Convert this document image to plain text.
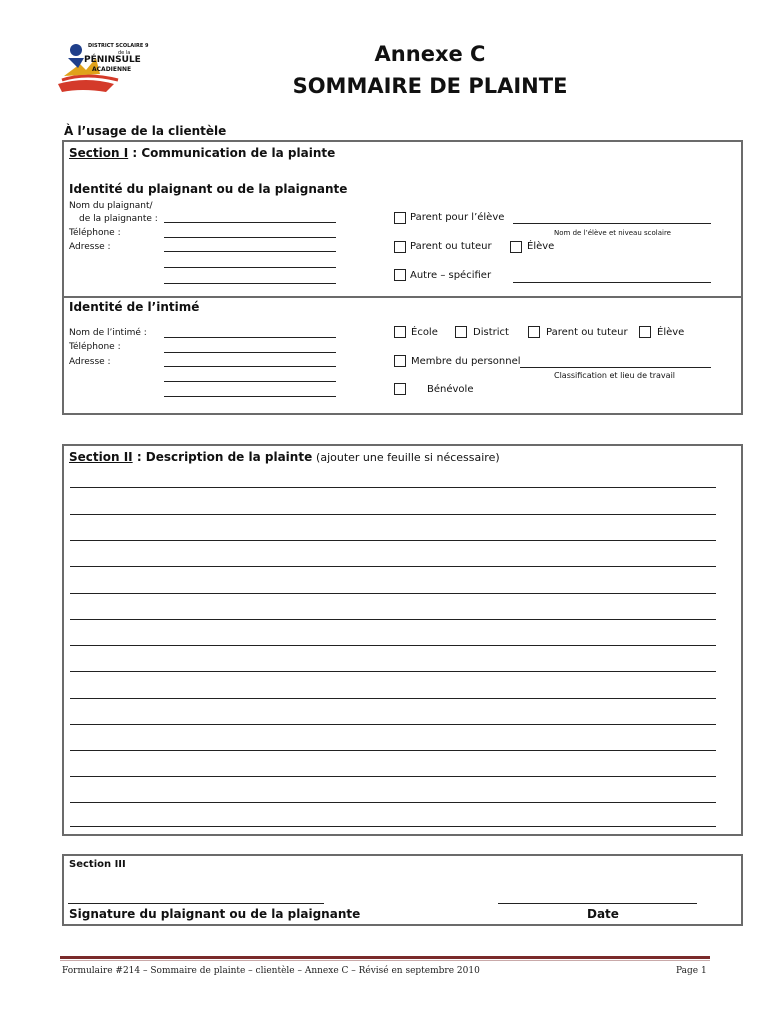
DISTRICT SCOLAIRE 9
de la
PÉNINSULE
ACADIENNE
Annexe C
SOMMAIRE DE PLAINTE
À l’usage de la clientèle
Section I : Communication de la plainte
Identité du plaignant ou de la plaignante
Nom du plaignant/
de la plaignante :
Téléphone :
Adresse :
Parent pour l’élève
Nom de l’élève et niveau scolaire
Parent ou tuteur	Élève
Autre – spécifier
Identité de l’intimé
Nom de l’intimé :
Téléphone :
Adresse :
École	District	Parent ou tuteur	Élève
Membre du personnel
Classification et lieu de travail
Bénévole
Section II : Description de la plainte (ajouter une feuille si nécessaire)
Section III
Signature du plaignant ou de la plaignante	Date
Formulaire #214 – Sommaire de plainte – clientèle – Annexe C – Révisé en septembre 2010	Page 1
